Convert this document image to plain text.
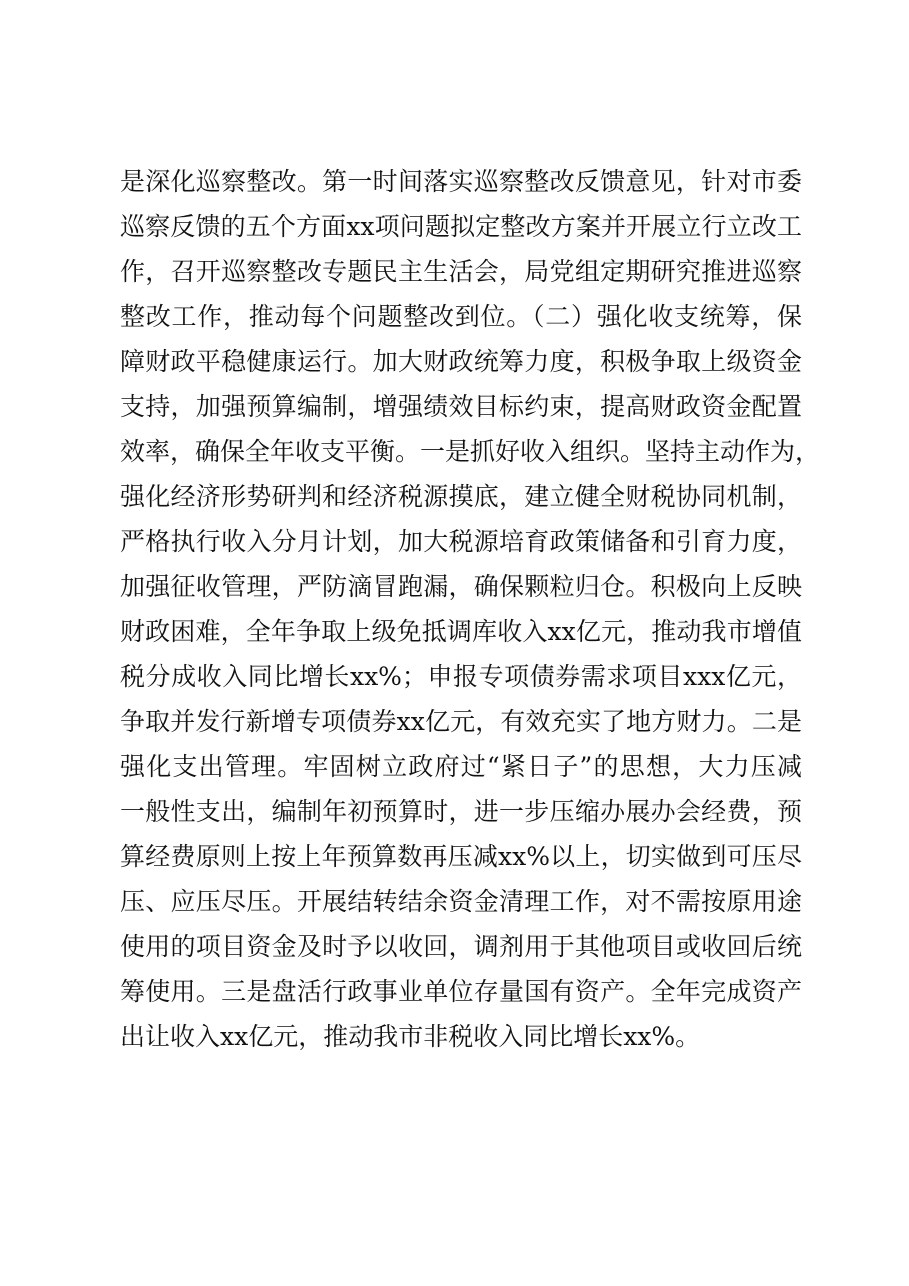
是深化巡察整改。第一时间落实巡察整改反馈意见，针对市委
巡察反馈的五个方面xx项问题拟定整改方案并开展立行立改工
作，召开巡察整改专题民主生活会，局党组定期研究推进巡察
整改工作，推动每个问题整改到位。（二）强化收支统筹，保
障财政平稳健康运行。加大财政统筹力度，积极争取上级资金
支持，加强预算编制，增强绩效目标约束，提高财政资金配置
效率，确保全年收支平衡。一是抓好收入组织。坚持主动作为，
强化经济形势研判和经济税源摸底，建立健全财税协同机制，
严格执行收入分月计划，加大税源培育政策储备和引育力度，
加强征收管理，严防滴冒跑漏，确保颗粒归仓。积极向上反映
财政困难，全年争取上级免抵调库收入xx亿元，推动我市增值
税分成收入同比增长xx%；申报专项债券需求项目xxx亿元，
争取并发行新增专项债券xx亿元，有效充实了地方财力。二是
强化支出管理。牢固树立政府过“紧日子”的思想，大力压减
一般性支出，编制年初预算时，进一步压缩办展办会经费，预
算经费原则上按上年预算数再压减xx%以上，切实做到可压尽
压、应压尽压。开展结转结余资金清理工作，对不需按原用途
使用的项目资金及时予以收回，调剂用于其他项目或收回后统
筹使用。三是盘活行政事业单位存量国有资产。全年完成资产
出让收入xx亿元，推动我市非税收入同比增长xx%。
